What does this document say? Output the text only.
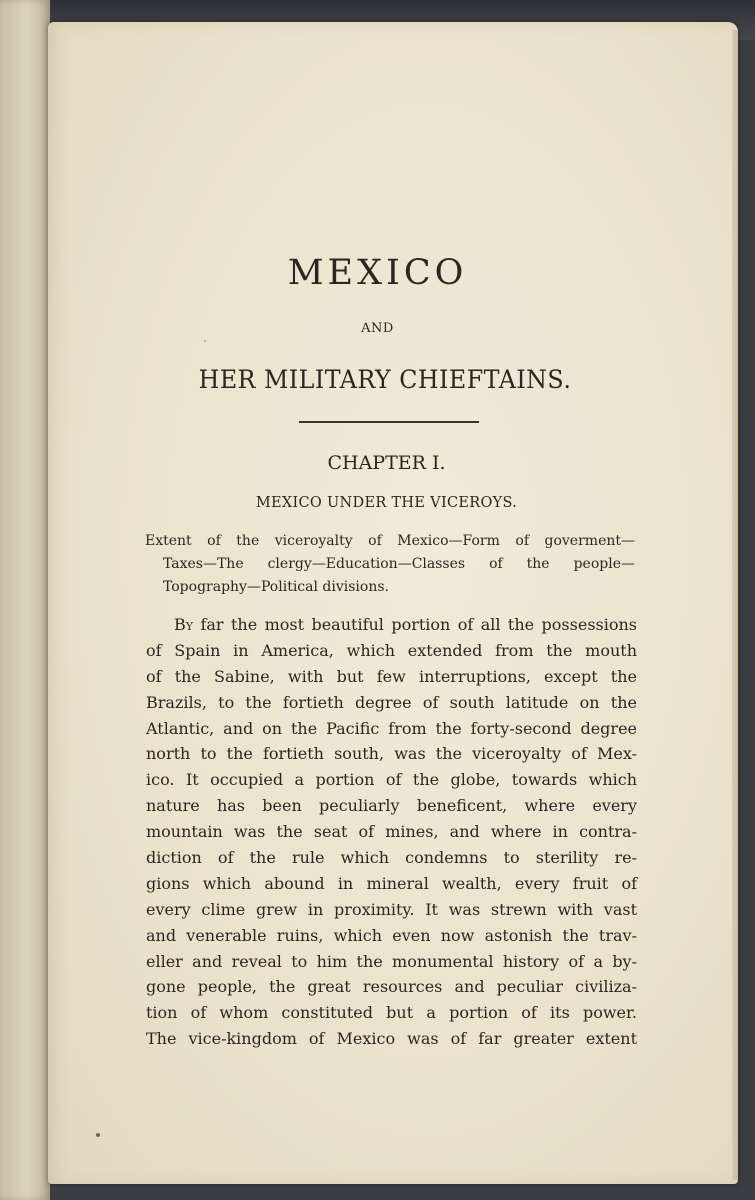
MEXICO
AND
HER MILITARY CHIEFTAINS.
CHAPTER I.
MEXICO UNDER THE VICEROYS.
Extent of the viceroyalty of Mexico—Form of goverment—
Taxes—The clergy—Education—Classes of the people—
Topography—Political divisions.
By far the most beautiful portion of all the possessions
of Spain in America, which extended from the mouth
of the Sabine, with but few interruptions, except the
Brazils, to the fortieth degree of south latitude on the
Atlantic, and on the Pacific from the forty-second degree
north to the fortieth south, was the viceroyalty of Mex-
ico. It occupied a portion of the globe, towards which
nature has been peculiarly beneficent, where every
mountain was the seat of mines, and where in contra-
diction of the rule which condemns to sterility re-
gions which abound in mineral wealth, every fruit of
every clime grew in proximity. It was strewn with vast
and venerable ruins, which even now astonish the trav-
eller and reveal to him the monumental history of a by-
gone people, the great resources and peculiar civiliza-
tion of whom constituted but a portion of its power.
The vice-kingdom of Mexico was of far greater extent
